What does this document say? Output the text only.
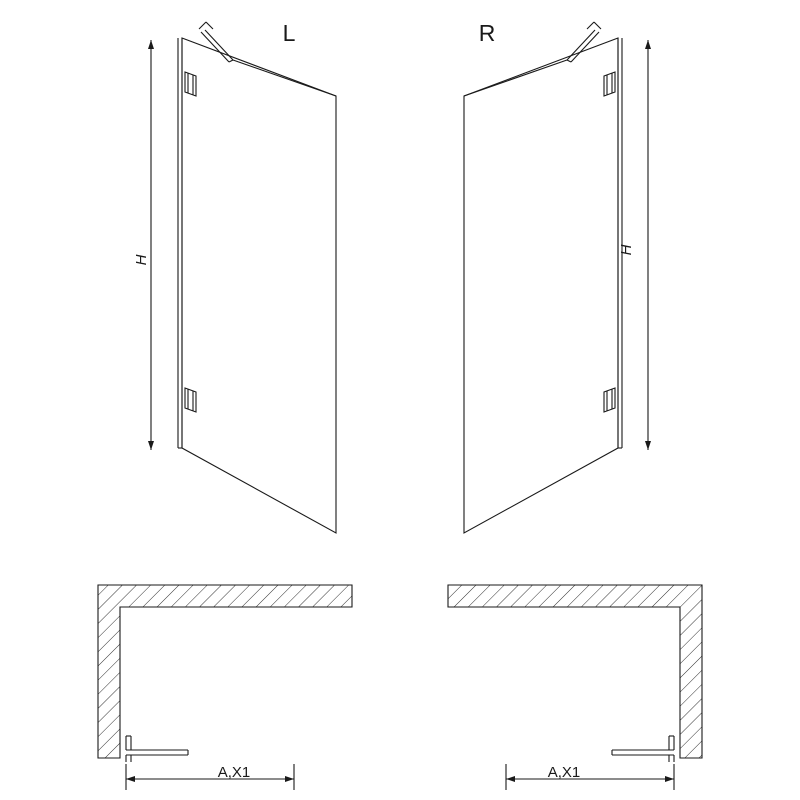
L	R
H
H
A,X1	A,X1
